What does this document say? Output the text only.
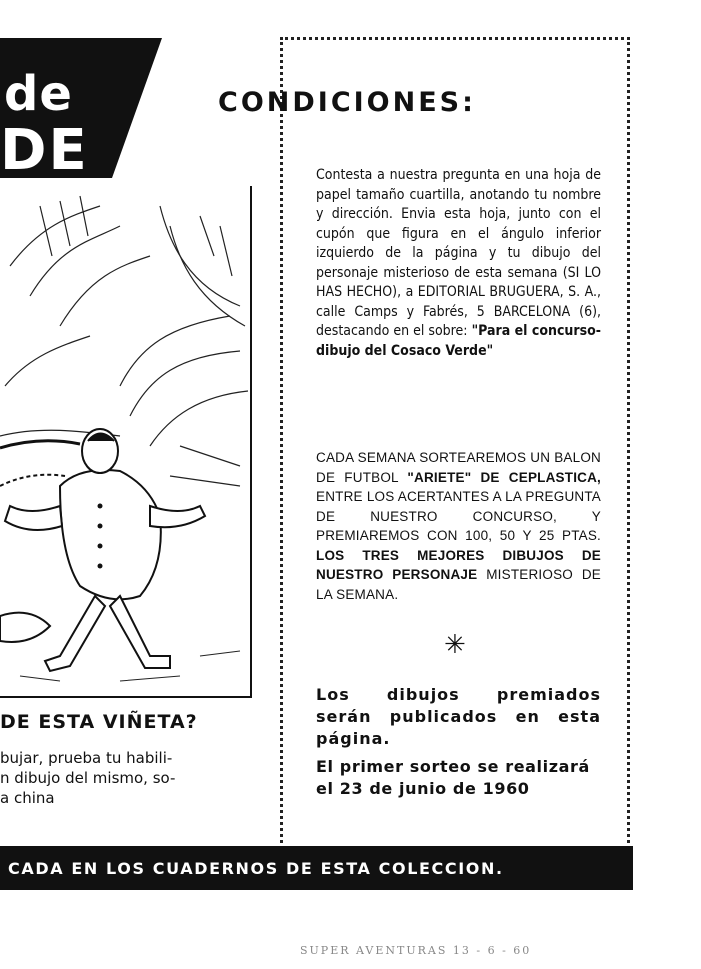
de
DE
DE ESTA VIÑETA?
bujar, prueba tu habili-
n dibujo del mismo, so-
a china
CONDICIONES:
Contesta a nuestra pregunta en una hoja de papel tamaño cuartilla, anotando tu nombre y dirección. Envia esta hoja, junto con el cupón que figura en el ángulo inferior izquierdo de la página y tu dibujo del personaje misterioso de esta semana (SI LO HAS HECHO), a EDITORIAL BRUGUERA, S. A., calle Camps y Fabrés, 5 BARCELONA (6), destacando en el sobre: "Para el concurso-dibujo del Cosaco Verde"
CADA SEMANA SORTEAREMOS UN BALON DE FUTBOL "ARIETE" DE CEPLASTICA, ENTRE LOS ACERTANTES A LA PREGUNTA DE NUESTRO CONCURSO, Y PREMIAREMOS CON 100, 50 Y 25 PTAS. LOS TRES MEJORES DIBUJOS DE NUESTRO PERSONAJE MISTERIOSO DE LA SEMANA.
✳
Los dibujos premiados serán publicados en esta página.
El primer sorteo se realizará el 23 de junio de 1960
CADA EN LOS CUADERNOS DE ESTA COLECCION.
SUPER AVENTURAS 13 - 6 - 60
